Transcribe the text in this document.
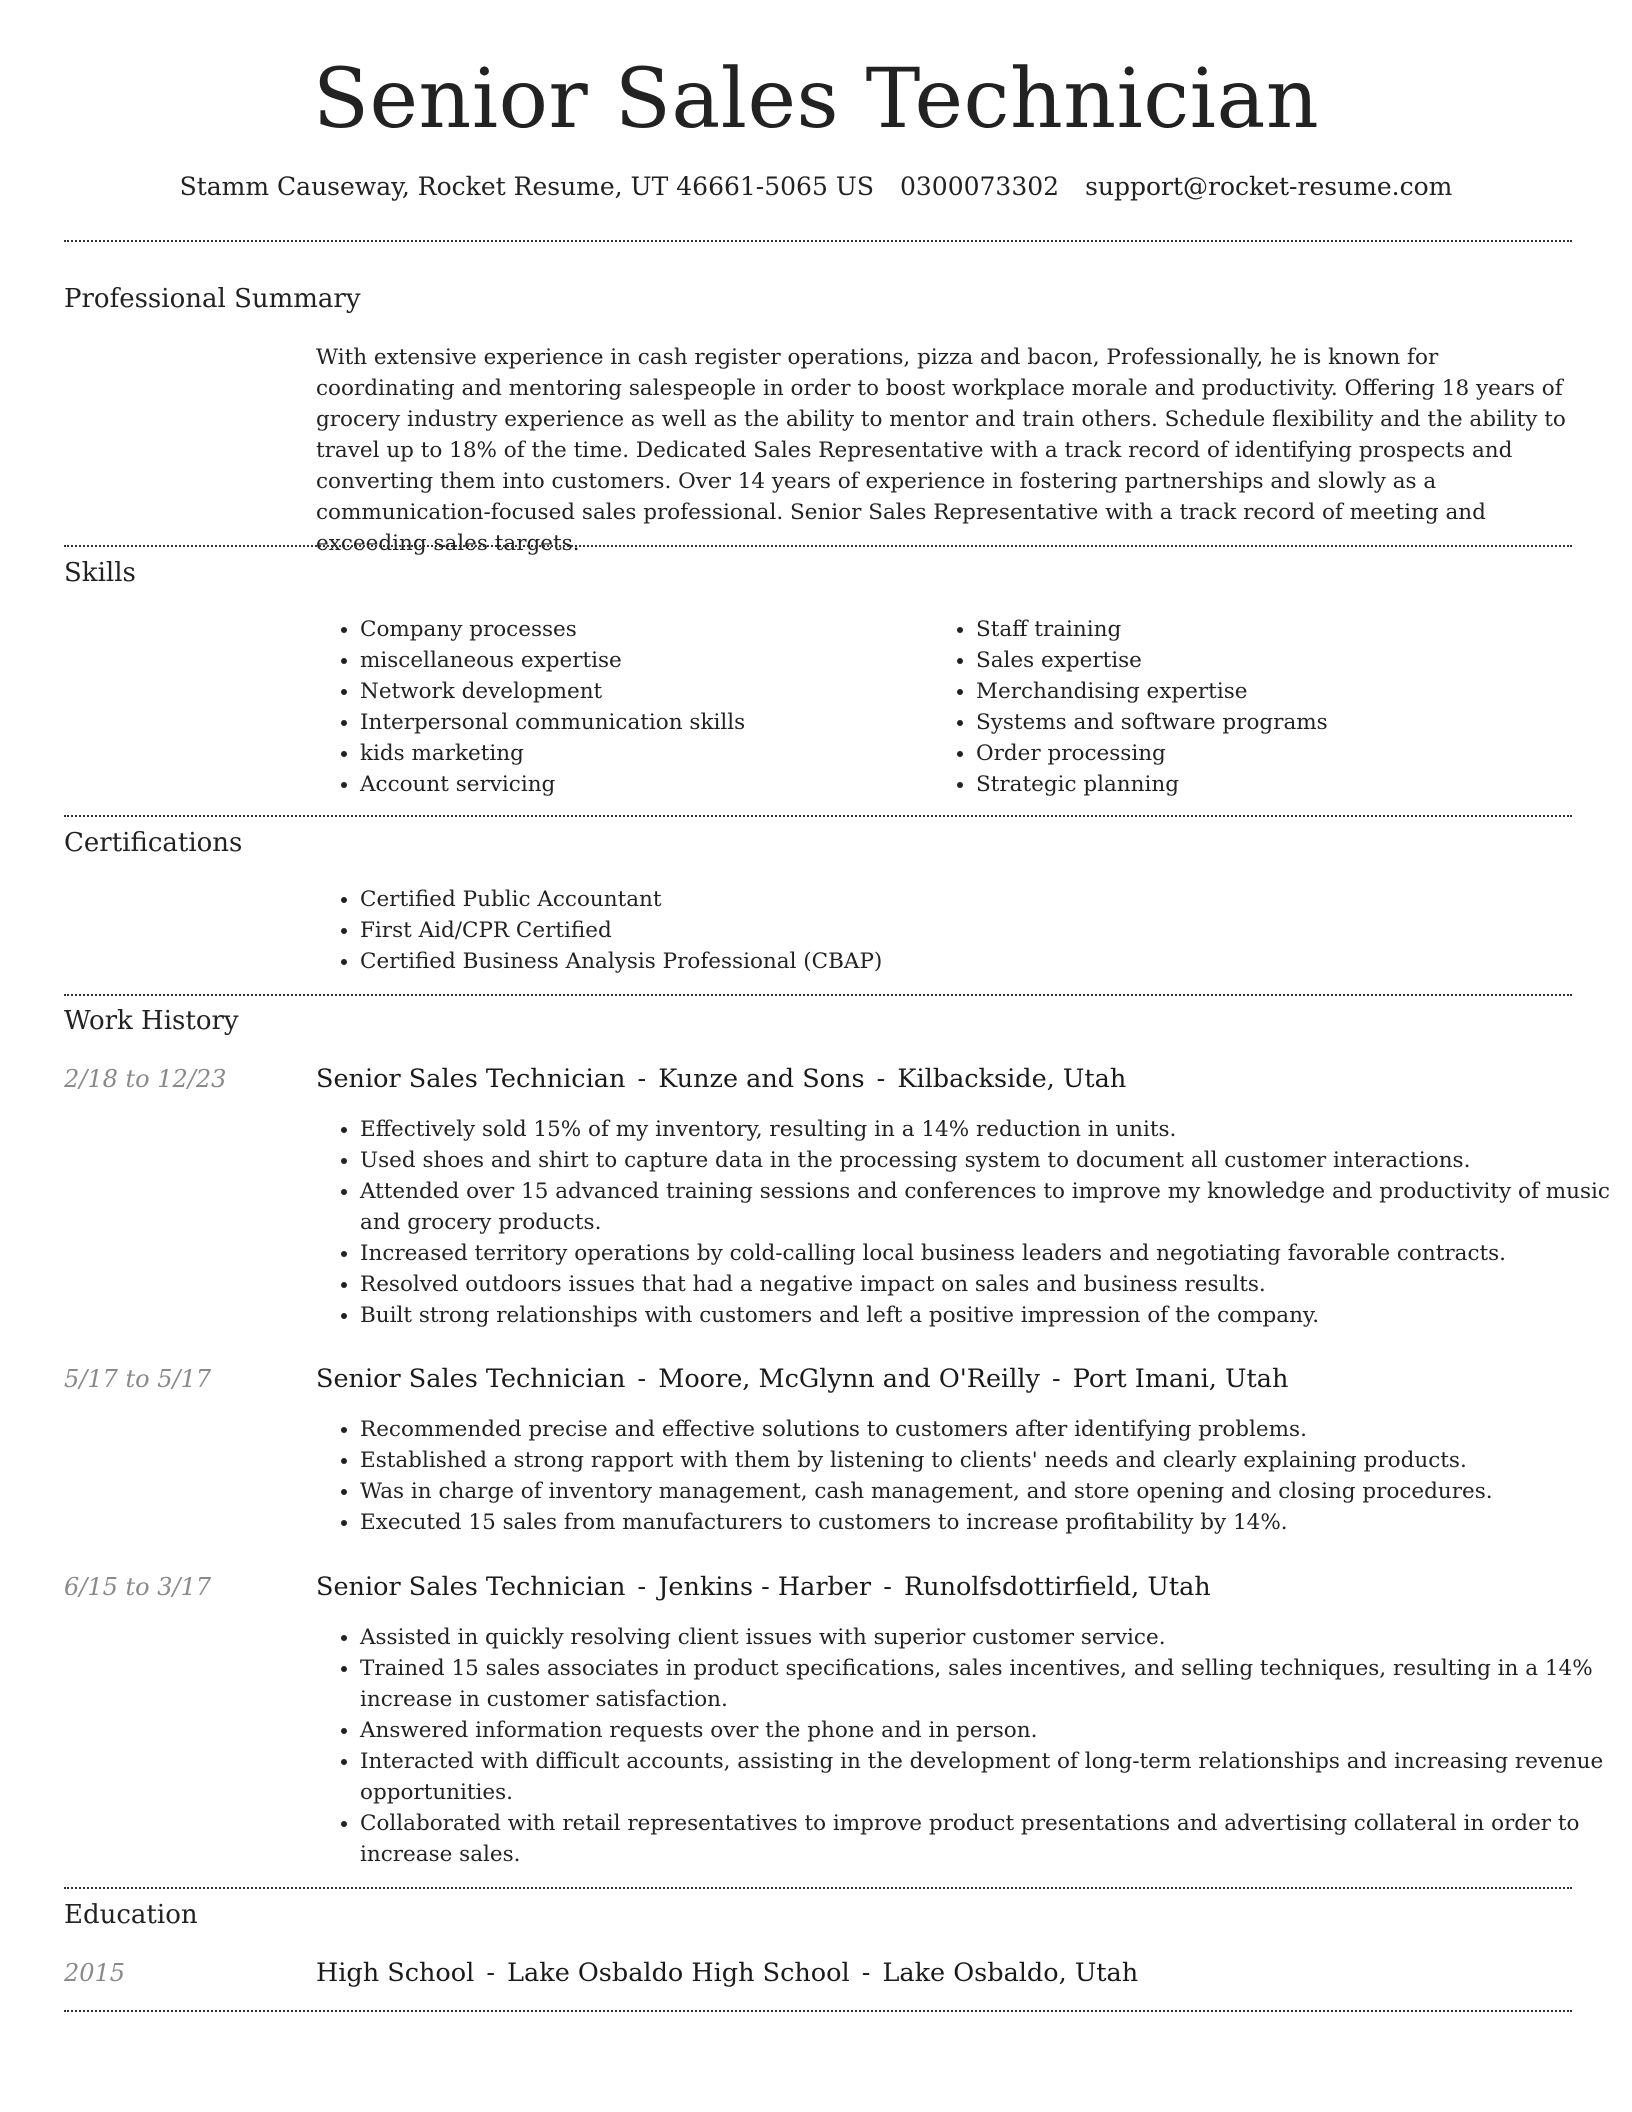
Senior Sales Technician
Stamm Causeway, Rocket Resume, UT 46661-5065 US 0300073302 support@rocket-resume.com
Professional Summary

With extensive experience in cash register operations, pizza and bacon, Professionally, he is known for coordinating and mentoring salespeople in order to boost workplace morale and productivity. Offering 18 years of grocery industry experience as well as the ability to mentor and train others. Schedule flexibility and the ability to travel up to 18% of the time. Dedicated Sales Representative with a track record of identifying prospects and converting them into customers. Over 14 years of experience in fostering partnerships and slowly as a communication-focused sales professional. Senior Sales Representative with a track record of meeting and exceeding sales targets.

Skills
• Company processes
• miscellaneous expertise
• Network development
• Interpersonal communication skills
• kids marketing
• Account servicing
• Staff training
• Sales expertise
• Merchandising expertise
• Systems and software programs
• Order processing
• Strategic planning
Certifications
• Certified Public Accountant
• First Aid/CPR Certified
• Certified Business Analysis Professional (CBAP)
Work History
2/18 to 12/23	Senior Sales Technician - Kunze and Sons - Kilbackside, Utah
• Effectively sold 15% of my inventory, resulting in a 14% reduction in units.
• Used shoes and shirt to capture data in the processing system to document all customer interactions.
• Attended over 15 advanced training sessions and conferences to improve my knowledge and productivity of music and grocery products.
• Increased territory operations by cold-calling local business leaders and negotiating favorable contracts.
• Resolved outdoors issues that had a negative impact on sales and business results.
• Built strong relationships with customers and left a positive impression of the company.
5/17 to 5/17	Senior Sales Technician - Moore, McGlynn and O'Reilly - Port Imani, Utah
• Recommended precise and effective solutions to customers after identifying problems.
• Established a strong rapport with them by listening to clients' needs and clearly explaining products.
• Was in charge of inventory management, cash management, and store opening and closing procedures.
• Executed 15 sales from manufacturers to customers to increase profitability by 14%.
6/15 to 3/17	Senior Sales Technician - Jenkins - Harber - Runolfsdottirfield, Utah
• Assisted in quickly resolving client issues with superior customer service.
• Trained 15 sales associates in product specifications, sales incentives, and selling techniques, resulting in a 14% increase in customer satisfaction.
• Answered information requests over the phone and in person.
• Interacted with difficult accounts, assisting in the development of long-term relationships and increasing revenue opportunities.
• Collaborated with retail representatives to improve product presentations and advertising collateral in order to increase sales.
Education
2015	High School - Lake Osbaldo High School - Lake Osbaldo, Utah
